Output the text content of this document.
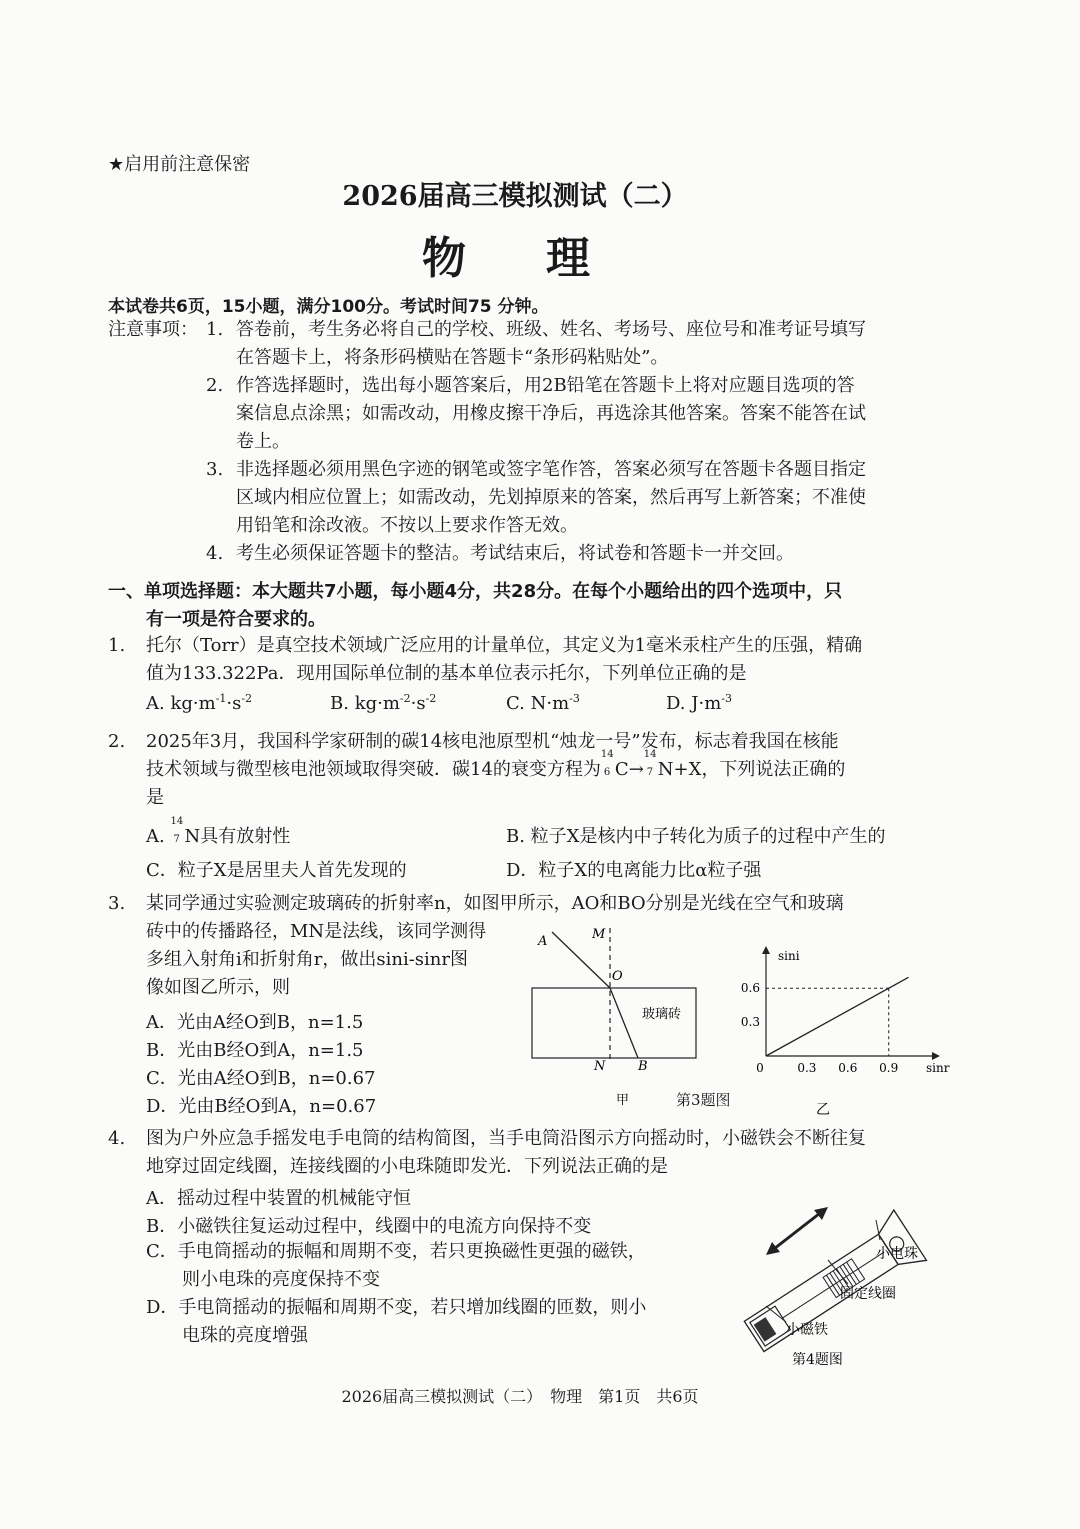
★启用前注意保密
2026届高三模拟测试（二）
物　理
本试卷共6页，15小题，满分100分。考试时间75 分钟。
注意事项： 1. 答卷前，考生务必将自己的学校、班级、姓名、考场号、座位号和准考证号填写
在答题卡上，将条形码横贴在答题卡“条形码粘贴处”。
2. 作答选择题时，选出每小题答案后，用2B铅笔在答题卡上将对应题目选项的答
案信息点涂黑；如需改动，用橡皮擦干净后，再选涂其他答案。答案不能答在试
卷上。
3. 非选择题必须用黑色字迹的钢笔或签字笔作答，答案必须写在答题卡各题目指定
区域内相应位置上；如需改动，先划掉原来的答案，然后再写上新答案；不准使
用铅笔和涂改液。不按以上要求作答无效。
4. 考生必须保证答题卡的整洁。考试结束后，将试卷和答题卡一并交回。
一、单项选择题：本大题共7小题，每小题4分，共28分。在每个小题给出的四个选项中，只
有一项是符合要求的。
1. 托尔（Torr）是真空技术领域广泛应用的计量单位，其定义为1毫米汞柱产生的压强，精确
值为133.322Pa．现用国际单位制的基本单位表示托尔，下列单位正确的是
A. $kg\cdot m^{-1}\cdot s^{-2}$	B. $kg\cdot m^{-2}\cdot s^{-2}$	C. $N\cdot m^{-3}$	D. $J\cdot m^{-3}$
2. 2025年3月，我国科学家研制的碳14核电池原型机“烛龙一号”发布，标志着我国在核能
技术领域与微型核电池领域取得突破．碳14的衰变方程为
14
6 C→
14
7 N+X，下列说法正确的
是
A.
14
7 N具有放射性	B. 粒子X是核内中子转化为质子的过程中产生的
C．粒子X是居里夫人首先发现的	D．粒子X的电离能力比α粒子强
3. 某同学通过实验测定玻璃砖的折射率n，如图甲所示，AO和BO分别是光线在空气和玻璃
砖中的传播路径，MN是法线，该同学测得
多组入射角i和折射角r，做出sini-sinr图
像如图乙所示，则
A．光由A经O到B，n=1.5
B．光由B经O到A，n=1.5
C．光由A经O到B，n=0.67
D．光由B经O到A，n=0.67
A	M
O
玻璃砖
N	B
甲	第3题图
sini
sinr
0	0.3 0.6 0.9
0.3
0.6
乙
4. 图为户外应急手摇发电手电筒的结构简图，当手电筒沿图示方向摇动时，小磁铁会不断往复
地穿过固定线圈，连接线圈的小电珠随即发光．下列说法正确的是
A．摇动过程中装置的机械能守恒
B．小磁铁往复运动过程中，线圈中的电流方向保持不变
C．手电筒摇动的振幅和周期不变，若只更换磁性更强的磁铁，
则小电珠的亮度保持不变
D．手电筒摇动的振幅和周期不变，若只增加线圈的匝数，则小
电珠的亮度增强
小电珠
固定线圈
小磁铁
第4题图
2026届高三模拟测试（二）　物理　第1页　共6页
